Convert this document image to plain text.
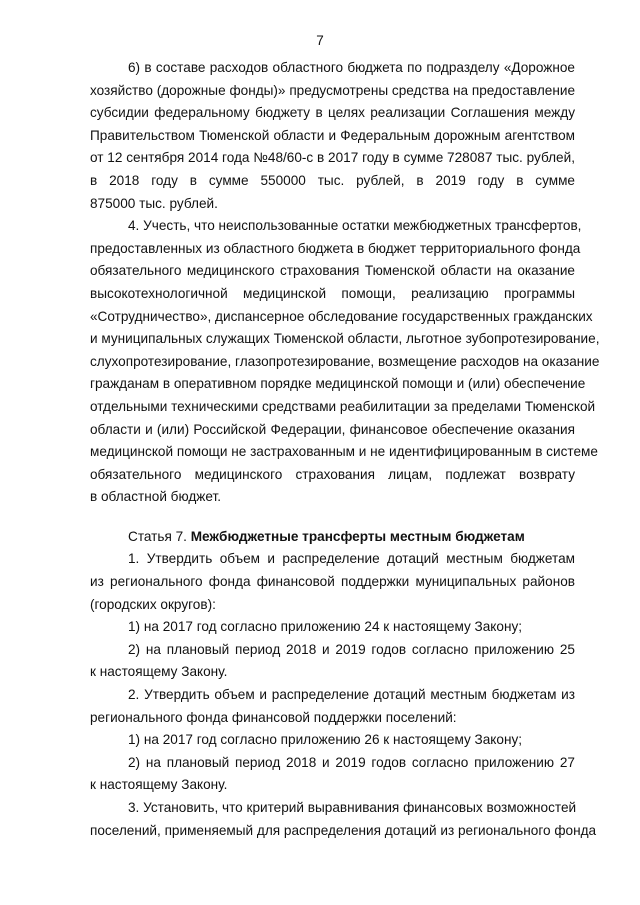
7
6) в составе расходов областного бюджета по подразделу «Дорожное
хозяйство (дорожные фонды)» предусмотрены средства на предоставление
субсидии федеральному бюджету в целях реализации Соглашения между
Правительством Тюменской области и Федеральным дорожным агентством
от 12 сентября 2014 года №48/60-с в 2017 году в сумме 728087 тыс. рублей,
в 2018 году в сумме 550000 тыс. рублей, в 2019 году в сумме
875000 тыс. рублей.
4. Учесть, что неиспользованные остатки межбюджетных трансфертов,
предоставленных из областного бюджета в бюджет территориального фонда
обязательного медицинского страхования Тюменской области на оказание
высокотехнологичной медицинской помощи, реализацию программы
«Сотрудничество», диспансерное обследование государственных гражданских
и муниципальных служащих Тюменской области, льготное зубопротезирование,
слухопротезирование, глазопротезирование, возмещение расходов на оказание
гражданам в оперативном порядке медицинской помощи и (или) обеспечение
отдельными техническими средствами реабилитации за пределами Тюменской
области и (или) Российской Федерации, финансовое обеспечение оказания
медицинской помощи не застрахованным и не идентифицированным в системе
обязательного медицинского страхования лицам, подлежат возврату
в областной бюджет.
Статья 7. Межбюджетные трансферты местным бюджетам
1. Утвердить объем и распределение дотаций местным бюджетам
из регионального фонда финансовой поддержки муниципальных районов
(городских округов):
1) на 2017 год согласно приложению 24 к настоящему Закону;
2) на плановый период 2018 и 2019 годов согласно приложению 25
к настоящему Закону.
2. Утвердить объем и распределение дотаций местным бюджетам из
регионального фонда финансовой поддержки поселений:
1) на 2017 год согласно приложению 26 к настоящему Закону;
2) на плановый период 2018 и 2019 годов согласно приложению 27
к настоящему Закону.
3. Установить, что критерий выравнивания финансовых возможностей
поселений, применяемый для распределения дотаций из регионального фонда
